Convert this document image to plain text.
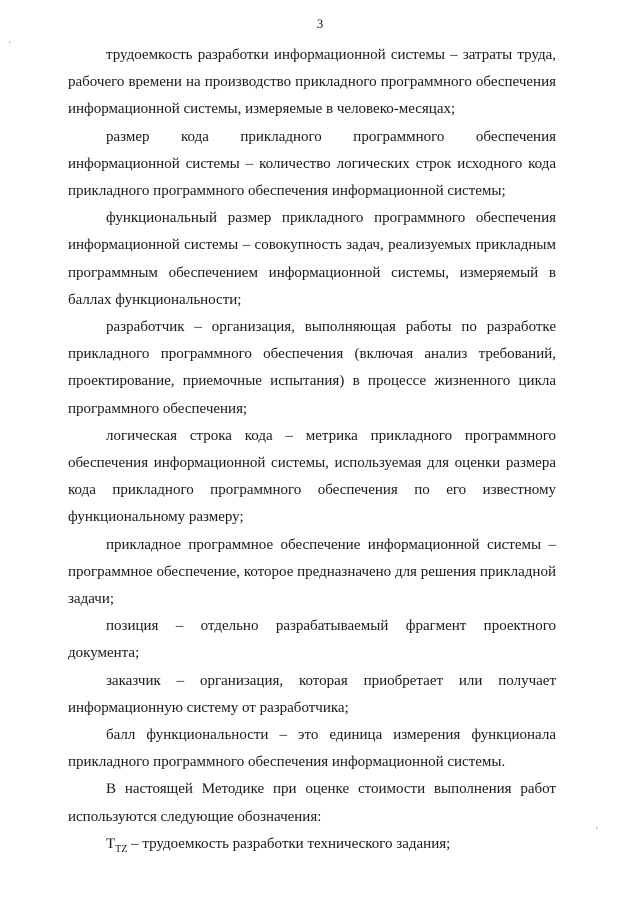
3

трудоемкость разработки информационной системы – затраты труда, рабочего времени на производство прикладного программного обеспечения информационной системы, измеряемые в человеко-месяцах;

размер кода прикладного программного обеспечения информационной системы – количество логических строк исходного кода прикладного программного обеспечения информационной системы;

функциональный размер прикладного программного обеспечения информационной системы – совокупность задач, реализуемых прикладным программным обеспечением информационной системы, измеряемый в баллах функциональности;

разработчик – организация, выполняющая работы по разработке прикладного программного обеспечения (включая анализ требований, проектирование, приемочные испытания) в процессе жизненного цикла программного обеспечения;

логическая строка кода – метрика прикладного программного обеспечения информационной системы, используемая для оценки размера кода прикладного программного обеспечения по его известному функциональному размеру;

прикладное программное обеспечение информационной системы – программное обеспечение, которое предназначено для решения прикладной задачи;

позиция – отдельно разрабатываемый фрагмент проектного документа;

заказчик – организация, которая приобретает или получает информационную систему от разработчика;

балл функциональности – это единица измерения функционала прикладного программного обеспечения информационной системы.

В настоящей Методике при оценке стоимости выполнения работ используются следующие обозначения:

$T_{TZ}$ – трудоемкость разработки технического задания;

·
'
